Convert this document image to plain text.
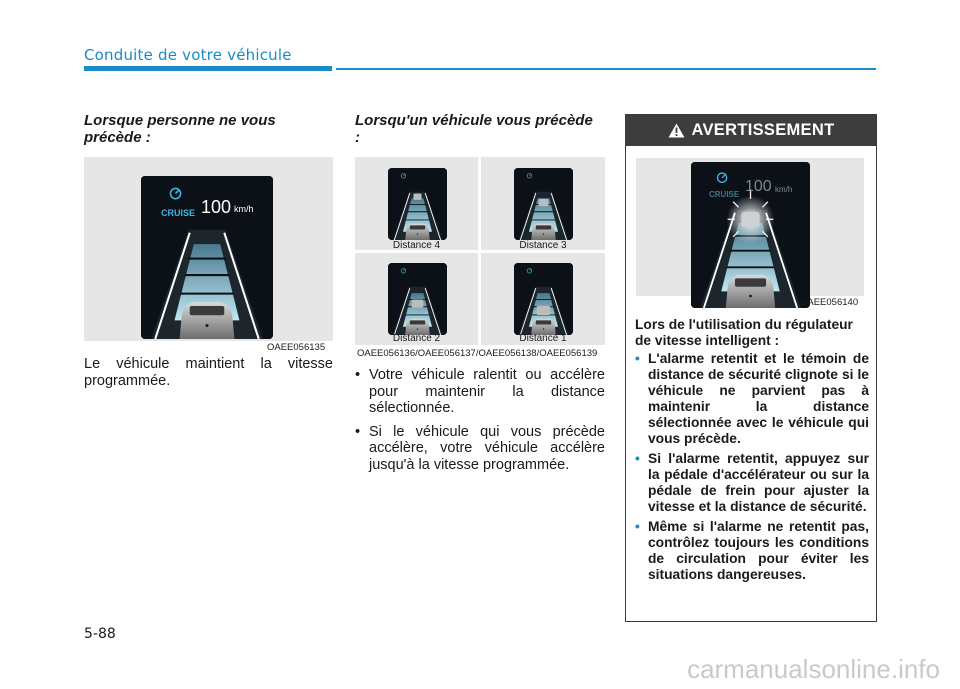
Conduite de votre véhicule
Lorsque personne ne vous précède :
CRUISE 100 km/h
OAEE056135
Le véhicule maintient la vitesse programmée.
Lorsqu'un véhicule vous précède :
Distance 4	Distance 3
Distance 2	Distance 1
OAEE056136/OAEE056137/OAEE056138/OAEE056139
• Votre véhicule ralentit ou accélère pour maintenir la distance sélectionnée.
• Si le véhicule qui vous précède accélère, votre véhicule accélère jusqu'à la vitesse programmée.
AVERTISSEMENT
CRUISE 100 km/h
OAEE056140
Lors de l'utilisation du régulateur de vitesse intelligent :
• L'alarme retentit et le témoin de distance de sécurité clignote si le véhicule ne parvient pas à maintenir la distance sélectionnée avec le véhicule qui vous précède.
• Si l'alarme retentit, appuyez sur la pédale d'accélérateur ou sur la pédale de frein pour ajuster la vitesse et la distance de sécurité.
• Même si l'alarme ne retentit pas, contrôlez toujours les conditions de circulation pour éviter les situations dangereuses.
5-88
carmanualsonline.info
